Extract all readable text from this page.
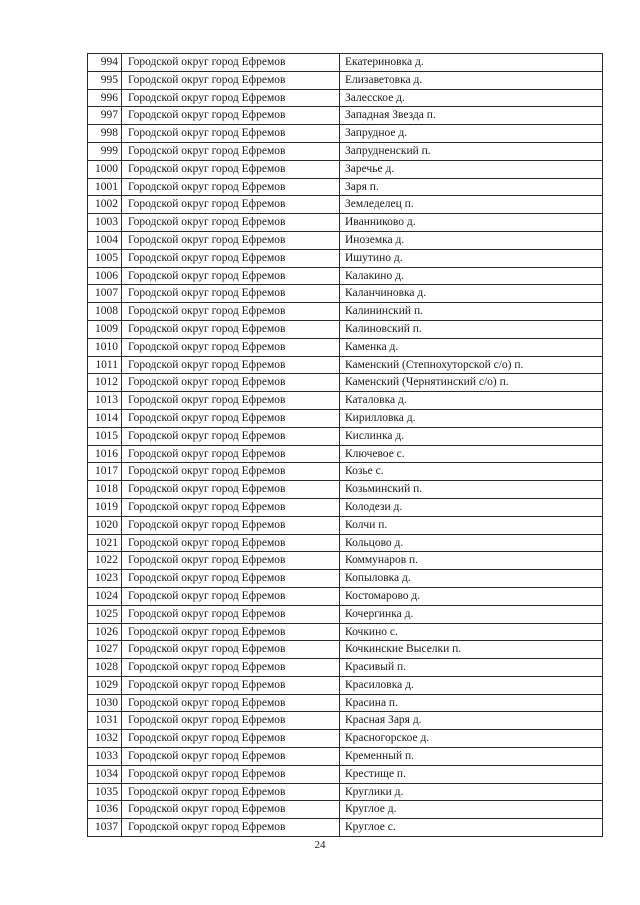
994	Городской округ город Ефремов	Екатериновка д.
995	Городской округ город Ефремов	Елизаветовка д.
996	Городской округ город Ефремов	Залесское д.
997	Городской округ город Ефремов	Западная Звезда п.
998	Городской округ город Ефремов	Запрудное д.
999	Городской округ город Ефремов	Запрудненский п.
1000	Городской округ город Ефремов	Заречье д.
1001	Городской округ город Ефремов	Заря п.
1002	Городской округ город Ефремов	Земледелец п.
1003	Городской округ город Ефремов	Иванниково д.
1004	Городской округ город Ефремов	Иноземка д.
1005	Городской округ город Ефремов	Ишутино д.
1006	Городской округ город Ефремов	Калакино д.
1007	Городской округ город Ефремов	Каланчиновка д.
1008	Городской округ город Ефремов	Калининский п.
1009	Городской округ город Ефремов	Калиновский п.
1010	Городской округ город Ефремов	Каменка д.
1011	Городской округ город Ефремов	Каменский (Степнохуторской с/о) п.
1012	Городской округ город Ефремов	Каменский (Чернятинский с/о) п.
1013	Городской округ город Ефремов	Каталовка д.
1014	Городской округ город Ефремов	Кирилловка д.
1015	Городской округ город Ефремов	Кислинка д.
1016	Городской округ город Ефремов	Ключевое с.
1017	Городской округ город Ефремов	Козье с.
1018	Городской округ город Ефремов	Козьминский п.
1019	Городской округ город Ефремов	Колодези д.
1020	Городской округ город Ефремов	Колчи п.
1021	Городской округ город Ефремов	Кольцово д.
1022	Городской округ город Ефремов	Коммунаров п.
1023	Городской округ город Ефремов	Копыловка д.
1024	Городской округ город Ефремов	Костомарово д.
1025	Городской округ город Ефремов	Кочергинка д.
1026	Городской округ город Ефремов	Кочкино с.
1027	Городской округ город Ефремов	Кочкинские Выселки п.
1028	Городской округ город Ефремов	Красивый п.
1029	Городской округ город Ефремов	Красиловка д.
1030	Городской округ город Ефремов	Красина п.
1031	Городской округ город Ефремов	Красная Заря д.
1032	Городской округ город Ефремов	Красногорское д.
1033	Городской округ город Ефремов	Кременный п.
1034	Городской округ город Ефремов	Крестище п.
1035	Городской округ город Ефремов	Круглики д.
1036	Городской округ город Ефремов	Круглое д.
1037	Городской округ город Ефремов	Круглое с.
24
